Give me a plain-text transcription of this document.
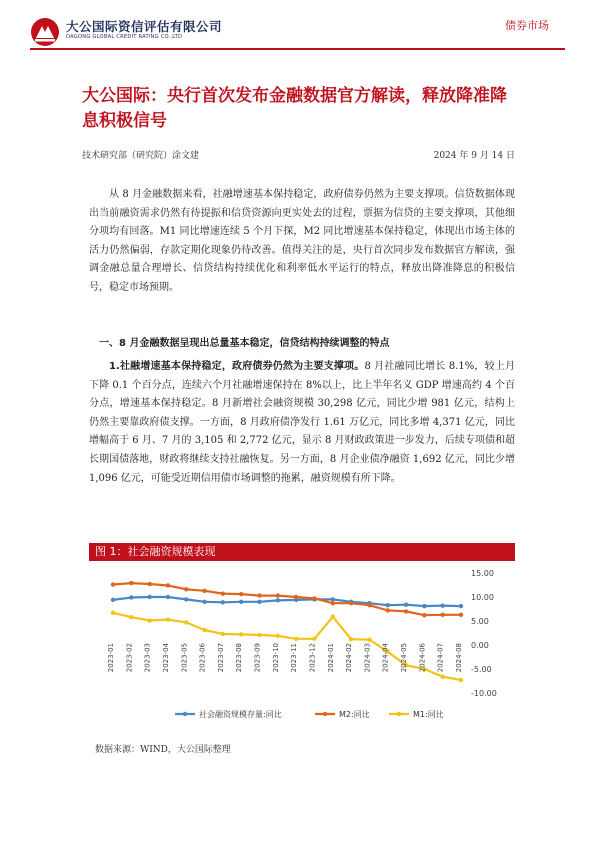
大公国际资信评估有限公司
DAGONG GLOBAL CREDIT RATING CO.,LTD
债券市场
大公国际：央行首次发布金融数据官方解读，释放降准降息积极信号
技术研究部（研究院）涂文建	2024 年 9 月 14 日

从 8 月金融数据来看，社融增速基本保持稳定，政府债券仍然为主要支撑项。信贷数据体现出当前融资需求仍然有待提振和信贷资源向更实处去的过程，票据为信贷的主要支撑项，其他细分项均有回落。M1 同比增速连续 5 个月下探，M2 同比增速基本保持稳定，体现出市场主体的活力仍然偏弱，存款定期化现象仍待改善。值得关注的是，央行首次同步发布数据官方解读，强调金融总量合理增长、信贷结构持续优化和利率低水平运行的特点，释放出降准降息的积极信号，稳定市场预期。

一、8 月金融数据呈现出总量基本稳定，信贷结构持续调整的特点

1.社融增速基本保持稳定，政府债券仍然为主要支撑项。8 月社融同比增长 8.1%，较上月下降 0.1 个百分点，连续六个月社融增速保持在 8%以上，比上半年名义 GDP 增速高约 4 个百分点，增速基本保持稳定。8 月新增社会融资规模 30,298 亿元，同比少增 981 亿元，结构上仍然主要靠政府债支撑。一方面，8 月政府债净发行 1.61 万亿元，同比多增 4,371 亿元，同比增幅高于 6 月、7 月的 3,105 和 2,772 亿元，显示 8 月财政政策进一步发力，后续专项债和超长期国债落地，财政将继续支持社融恢复。另一方面，8 月企业债净融资 1,692 亿元，同比少增 1,096 亿元，可能受近期信用债市场调整的拖累，融资规模有所下降。

图 1：社会融资规模表现
15.00
10.00
5.00
0.00
-5.00
-10.00
2023-01 2023-02 2023-03 2023-04 2023-05 2023-06 2023-07 2023-08 2023-09 2023-10 2023-11 2023-12 2024-01 2024-02 2024-03 2024-04 2024-05 2024-06 2024-07 2024-08
社会融资规模存量:同比	M2:同比	M1:同比
数据来源：WIND，大公国际整理
